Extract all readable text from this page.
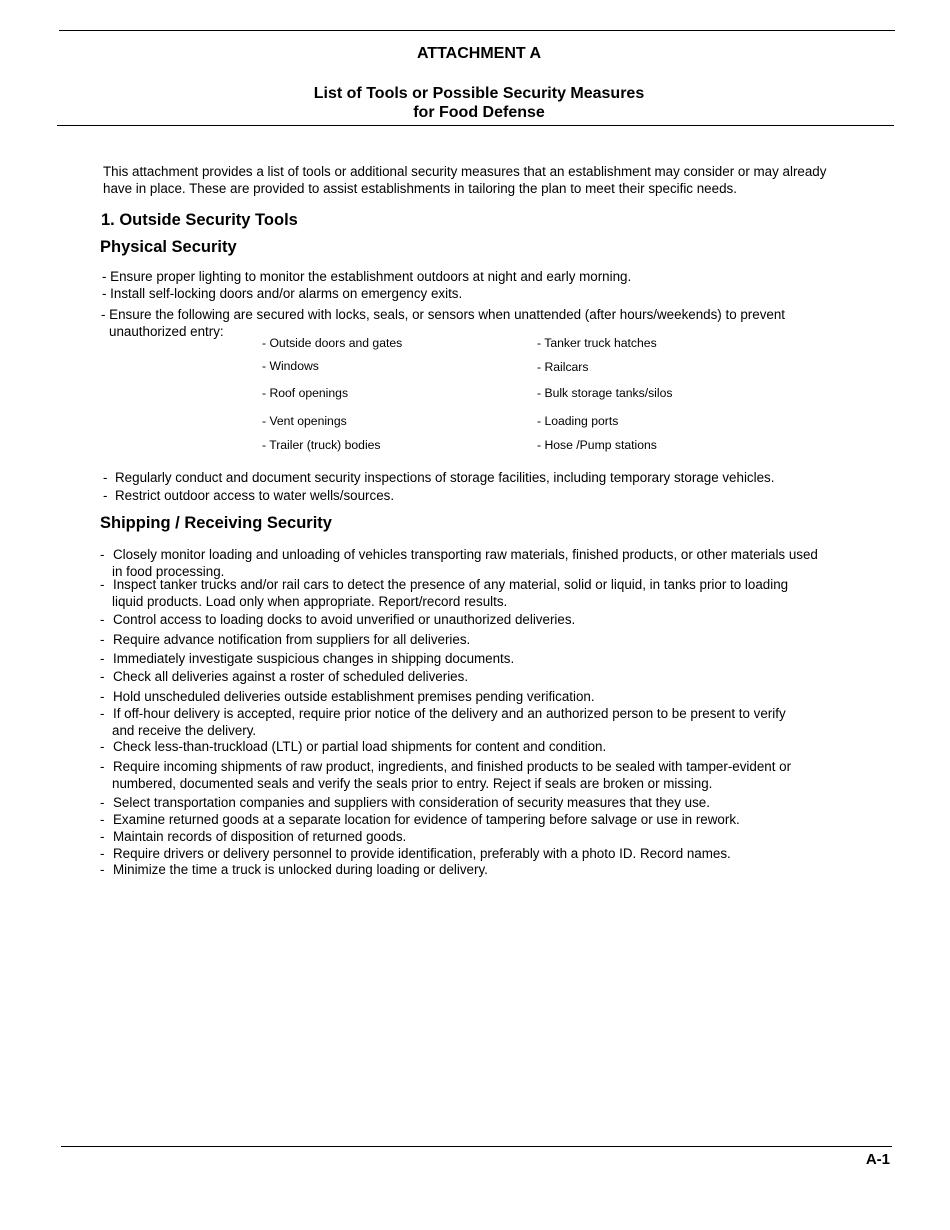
ATTACHMENT A
List of Tools or Possible Security Measures
for Food Defense
This attachment provides a list of tools or additional security measures that an establishment may consider or may already
have in place. These are provided to assist establishments in tailoring the plan to meet their specific needs.
1. Outside Security Tools
Physical Security
- Ensure proper lighting to monitor the establishment outdoors at night and early morning.
- Install self-locking doors and/or alarms on emergency exits.
- Ensure the following are secured with locks, seals, or sensors when unattended (after hours/weekends) to prevent
unauthorized entry:
- Outside doors and gates
- Windows
- Roof openings
- Vent openings
- Trailer (truck) bodies
- Tanker truck hatches
- Railcars
- Bulk storage tanks/silos
- Loading ports
- Hose /Pump stations
- Regularly conduct and document security inspections of storage facilities, including temporary storage vehicles.
- Restrict outdoor access to water wells/sources.
Shipping / Receiving Security
- Closely monitor loading and unloading of vehicles transporting raw materials, finished products, or other materials used
in food processing.
- Inspect tanker trucks and/or rail cars to detect the presence of any material, solid or liquid, in tanks prior to loading
liquid products. Load only when appropriate. Report/record results.
- Control access to loading docks to avoid unverified or unauthorized deliveries.
- Require advance notification from suppliers for all deliveries.
- Immediately investigate suspicious changes in shipping documents.
- Check all deliveries against a roster of scheduled deliveries.
- Hold unscheduled deliveries outside establishment premises pending verification.
- If off-hour delivery is accepted, require prior notice of the delivery and an authorized person to be present to verify
and receive the delivery.
- Check less-than-truckload (LTL) or partial load shipments for content and condition.
- Require incoming shipments of raw product, ingredients, and finished products to be sealed with tamper-evident or
numbered, documented seals and verify the seals prior to entry. Reject if seals are broken or missing.
- Select transportation companies and suppliers with consideration of security measures that they use.
- Examine returned goods at a separate location for evidence of tampering before salvage or use in rework.
- Maintain records of disposition of returned goods.
- Require drivers or delivery personnel to provide identification, preferably with a photo ID. Record names.
- Minimize the time a truck is unlocked during loading or delivery.
A-1
